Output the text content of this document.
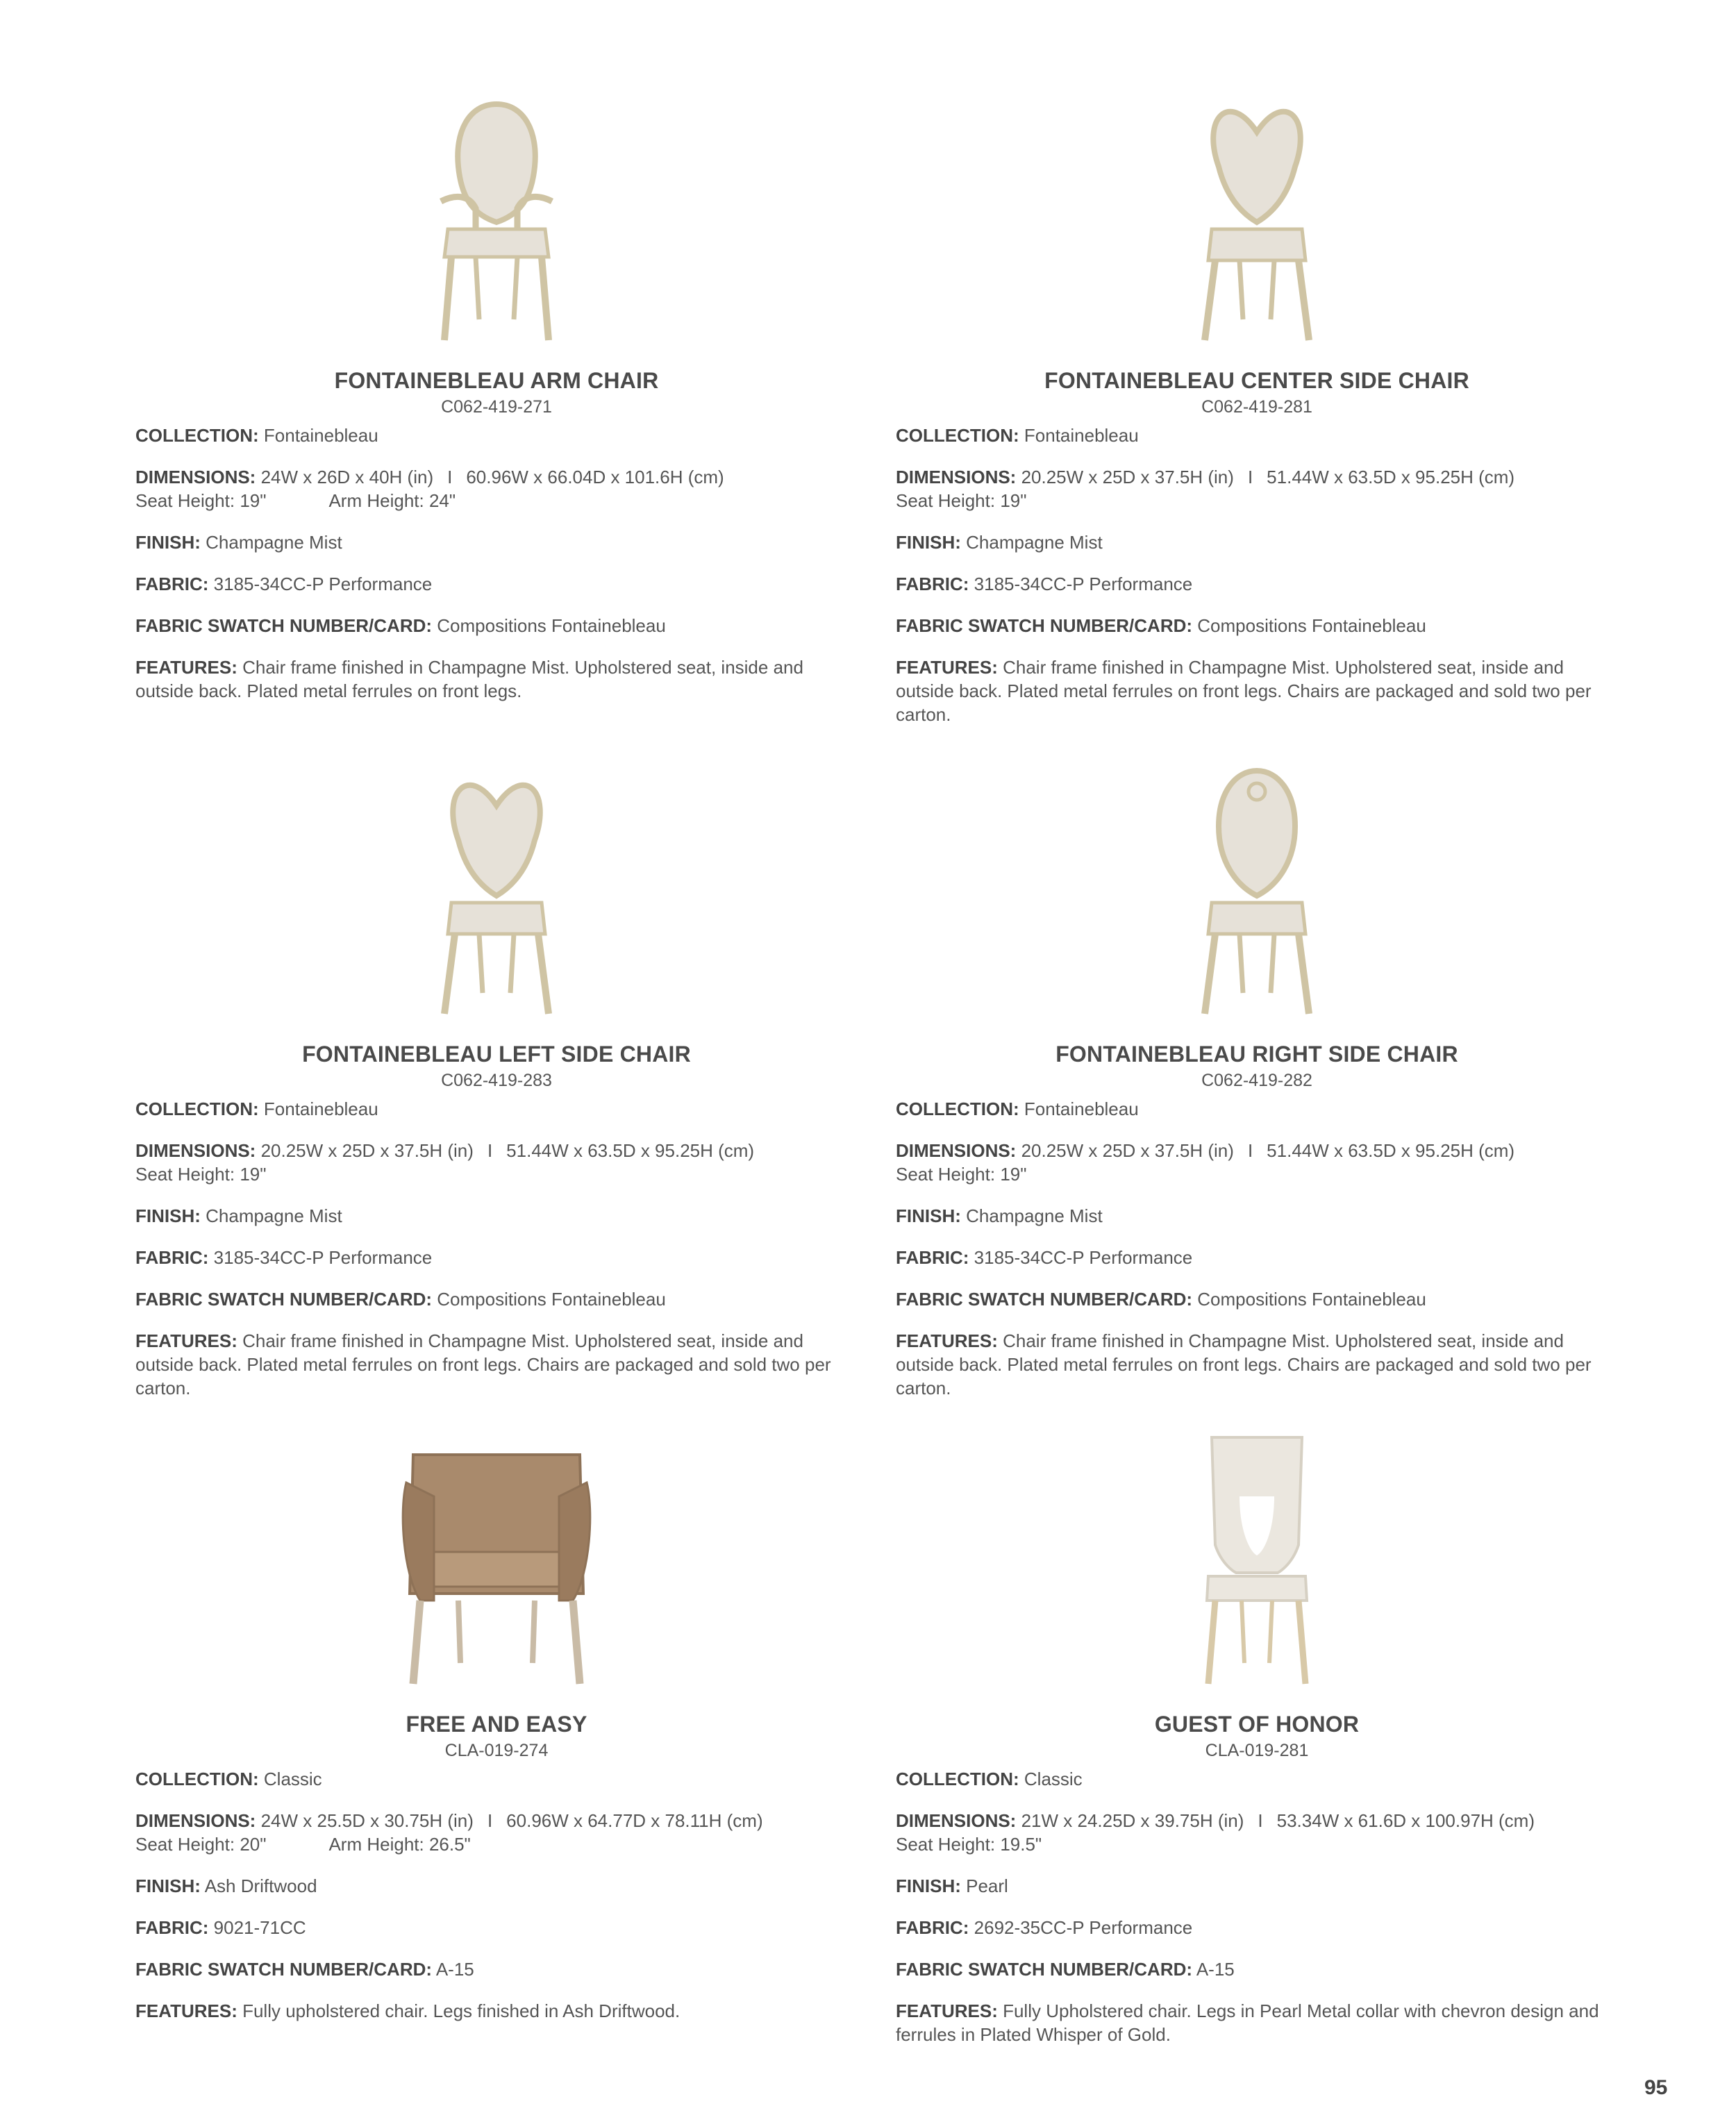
FONTAINEBLEAU ARM CHAIR
C062-419-271
COLLECTION: Fontainebleau
DIMENSIONS: 24W x 26D x 40H (in) I 60.96W x 66.04D x 101.6H (cm)
Seat Height: 19"	Arm Height: 24"
FINISH: Champagne Mist
FABRIC: 3185-34CC-P Performance
FABRIC SWATCH NUMBER/CARD: Compositions Fontainebleau
FEATURES: Chair frame finished in Champagne Mist. Upholstered seat, inside and outside back. Plated metal ferrules on front legs.
FONTAINEBLEAU CENTER SIDE CHAIR
C062-419-281
COLLECTION: Fontainebleau
DIMENSIONS: 20.25W x 25D x 37.5H (in) I 51.44W x 63.5D x 95.25H (cm)
Seat Height: 19"
FINISH: Champagne Mist
FABRIC: 3185-34CC-P Performance
FABRIC SWATCH NUMBER/CARD: Compositions Fontainebleau
FEATURES: Chair frame finished in Champagne Mist. Upholstered seat, inside and outside back. Plated metal ferrules on front legs. Chairs are packaged and sold two per carton.
FONTAINEBLEAU LEFT SIDE CHAIR
C062-419-283
COLLECTION: Fontainebleau
DIMENSIONS: 20.25W x 25D x 37.5H (in) I 51.44W x 63.5D x 95.25H (cm)
Seat Height: 19"
FINISH: Champagne Mist
FABRIC: 3185-34CC-P Performance
FABRIC SWATCH NUMBER/CARD: Compositions Fontainebleau
FEATURES: Chair frame finished in Champagne Mist. Upholstered seat, inside and outside back. Plated metal ferrules on front legs. Chairs are packaged and sold two per carton.
FONTAINEBLEAU RIGHT SIDE CHAIR
C062-419-282
COLLECTION: Fontainebleau
DIMENSIONS: 20.25W x 25D x 37.5H (in) I 51.44W x 63.5D x 95.25H (cm)
Seat Height: 19"
FINISH: Champagne Mist
FABRIC: 3185-34CC-P Performance
FABRIC SWATCH NUMBER/CARD: Compositions Fontainebleau
FEATURES: Chair frame finished in Champagne Mist. Upholstered seat, inside and outside back. Plated metal ferrules on front legs. Chairs are packaged and sold two per carton.
FREE AND EASY
CLA-019-274
COLLECTION: Classic
DIMENSIONS: 24W x 25.5D x 30.75H (in) I 60.96W x 64.77D x 78.11H (cm)
Seat Height: 20"	Arm Height: 26.5"
FINISH: Ash Driftwood
FABRIC: 9021-71CC
FABRIC SWATCH NUMBER/CARD: A-15
FEATURES: Fully upholstered chair. Legs finished in Ash Driftwood.
GUEST OF HONOR
CLA-019-281
COLLECTION: Classic
DIMENSIONS: 21W x 24.25D x 39.75H (in) I 53.34W x 61.6D x 100.97H (cm)
Seat Height: 19.5"
FINISH: Pearl
FABRIC: 2692-35CC-P Performance
FABRIC SWATCH NUMBER/CARD: A-15
FEATURES: Fully Upholstered chair. Legs in Pearl Metal collar with chevron design and ferrules in Plated Whisper of Gold.
95
